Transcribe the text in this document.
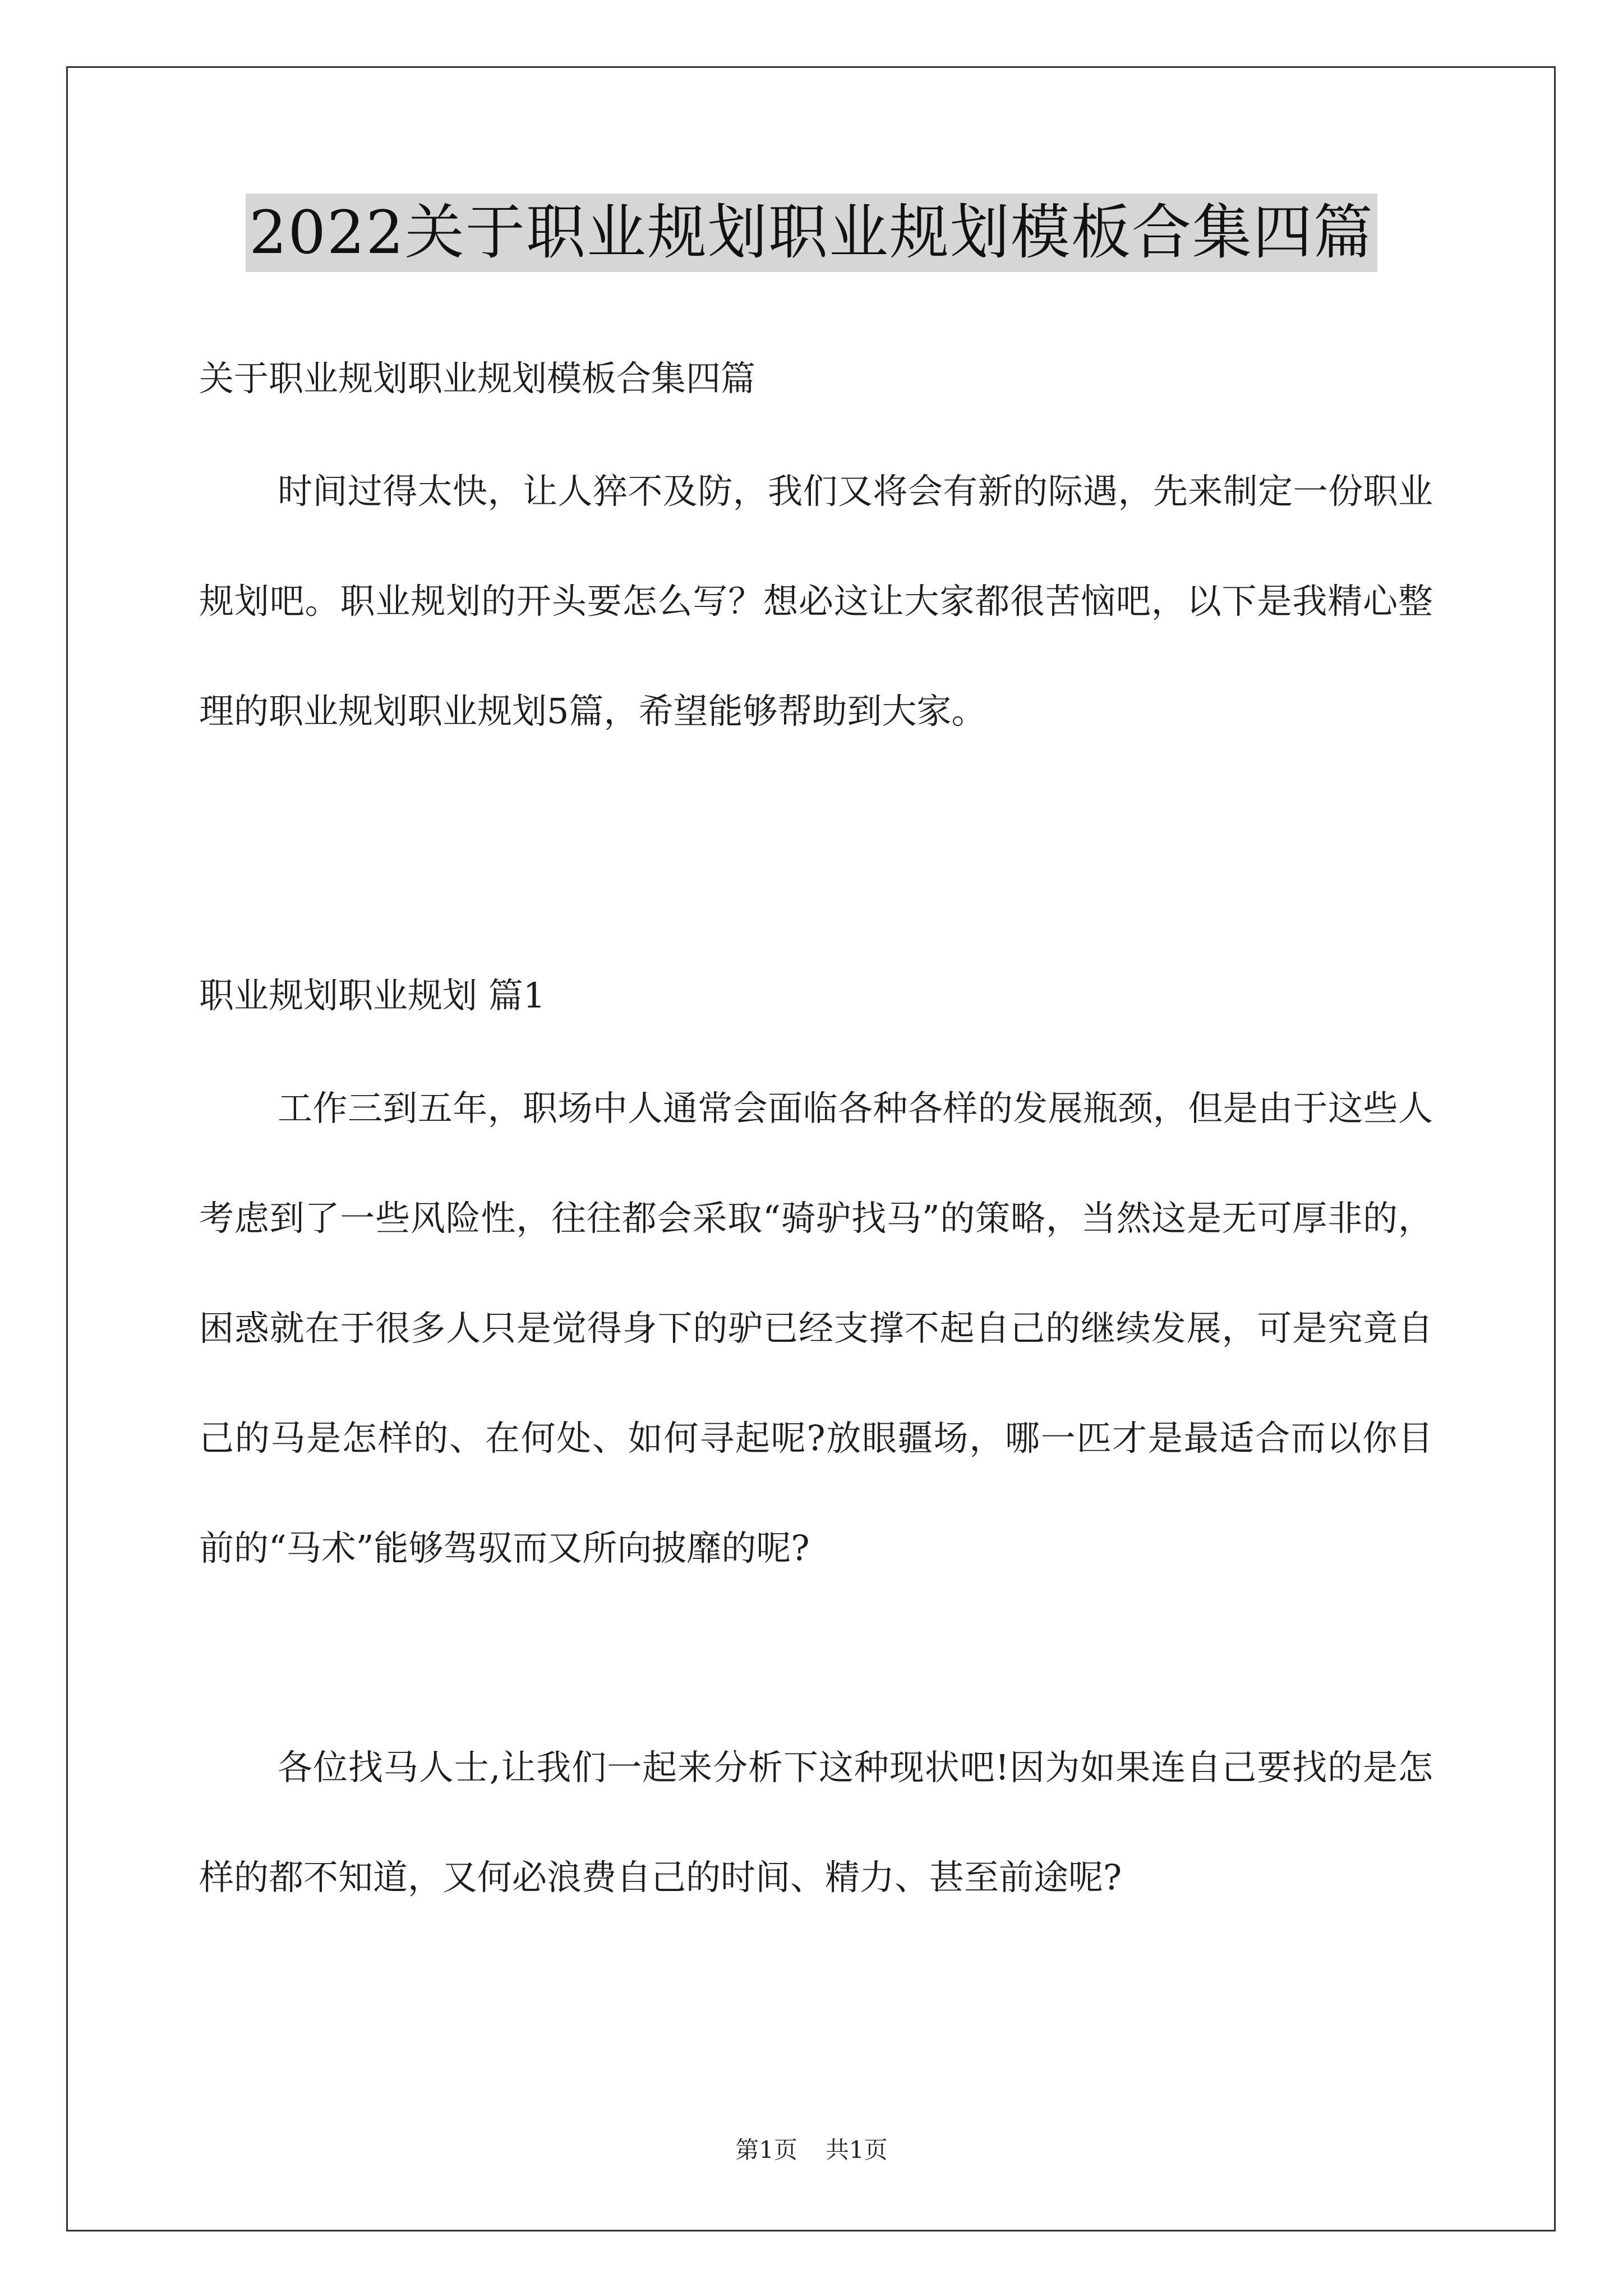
2022关于职业规划职业规划模板合集四篇
关于职业规划职业规划模板合集四篇
时间过得太快，让人猝不及防，我们又将会有新的际遇，先来制定一份职业规划吧。职业规划的开头要怎么写？想必这让大家都很苦恼吧，以下是我精心整理的职业规划职业规划5篇，希望能够帮助到大家。
职业规划职业规划 篇1
工作三到五年，职场中人通常会面临各种各样的发展瓶颈，但是由于这些人考虑到了一些风险性，往往都会采取“骑驴找马”的策略，当然这是无可厚非的，困惑就在于很多人只是觉得身下的驴已经支撑不起自己的继续发展，可是究竟自己的马是怎样的、在何处、如何寻起呢?放眼疆场，哪一匹才是最适合而以你目前的“马术”能够驾驭而又所向披靡的呢?
各位找马人士,让我们一起来分析下这种现状吧!因为如果连自己要找的是怎样的都不知道，又何必浪费自己的时间、精力、甚至前途呢?
第1页 共1页
